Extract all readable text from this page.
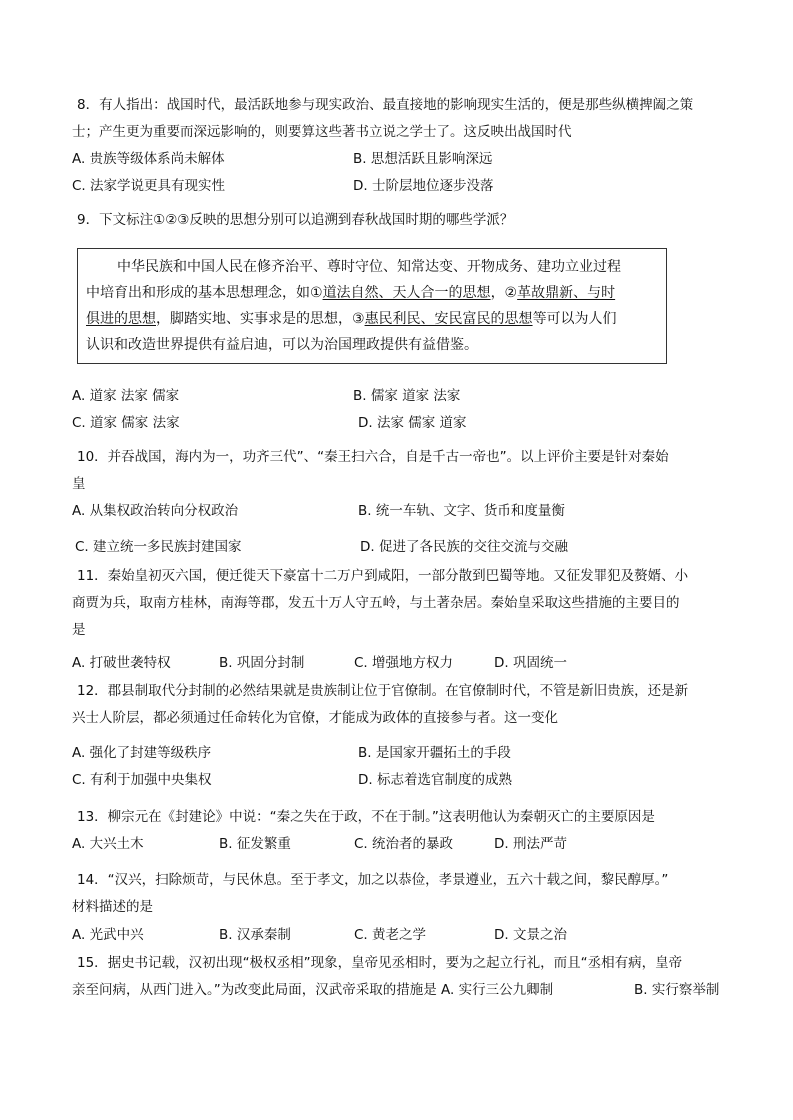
8．有人指出：战国时代，最活跃地参与现实政治、最直接地的影响现实生活的，便是那些纵横捭阖之策
士；产生更为重要而深远影响的，则要算这些著书立说之学士了。这反映出战国时代
A. 贵族等级体系尚未解体	B. 思想活跃且影响深远
C. 法家学说更具有现实性	D. 士阶层地位逐步没落
9．下文标注①②③反映的思想分别可以追溯到春秋战国时期的哪些学派？
中华民族和中国人民在修齐治平、尊时守位、知常达变、开物成务、建功立业过程
中培育出和形成的基本思想理念，如①道法自然、天人合一的思想，②革故鼎新、与时
俱进的思想，脚踏实地、实事求是的思想，③惠民利民、安民富民的思想等可以为人们
认识和改造世界提供有益启迪，可以为治国理政提供有益借鉴。
A. 道家 法家 儒家	B. 儒家 道家 法家
C. 道家 儒家 法家	D. 法家 儒家 道家
10．并吞战国，海内为一，功齐三代”、“秦王扫六合，自是千古一帝也”。以上评价主要是针对秦始
皇
A. 从集权政治转向分权政治	B. 统一车轨、文字、货币和度量衡
C. 建立统一多民族封建国家	D. 促进了各民族的交往交流与交融
11．秦始皇初灭六国，便迁徙天下豪富十二万户到咸阳，一部分散到巴蜀等地。又征发罪犯及赘婿、小
商贾为兵，取南方桂林，南海等郡，发五十万人守五岭，与土著杂居。秦始皇采取这些措施的主要目的
是
A. 打破世袭特权	B. 巩固分封制	C. 增强地方权力	D. 巩固统一
12．郡县制取代分封制的必然结果就是贵族制让位于官僚制。在官僚制时代，不管是新旧贵族，还是新
兴士人阶层，都必须通过任命转化为官僚，才能成为政体的直接参与者。这一变化
A. 强化了封建等级秩序	B. 是国家开疆拓土的手段
C. 有利于加强中央集权	D. 标志着选官制度的成熟
13．柳宗元在《封建论》中说：“秦之失在于政，不在于制。”这表明他认为秦朝灭亡的主要原因是
A. 大兴土木	B. 征发繁重	C. 统治者的暴政	D. 刑法严苛
14．“汉兴，扫除烦苛，与民休息。至于孝文，加之以恭俭，孝景遵业，五六十载之间，黎民醇厚。”
材料描述的是
A. 光武中兴	B. 汉承秦制	C. 黄老之学	D. 文景之治
15．据史书记载，汉初出现“极权丞相”现象，皇帝见丞相时，要为之起立行礼，而且“丞相有病，皇帝
亲至问病，从西门进入。”为改变此局面，汉武帝采取的措施是 A. 实行三公九卿制	B. 实行察举制
